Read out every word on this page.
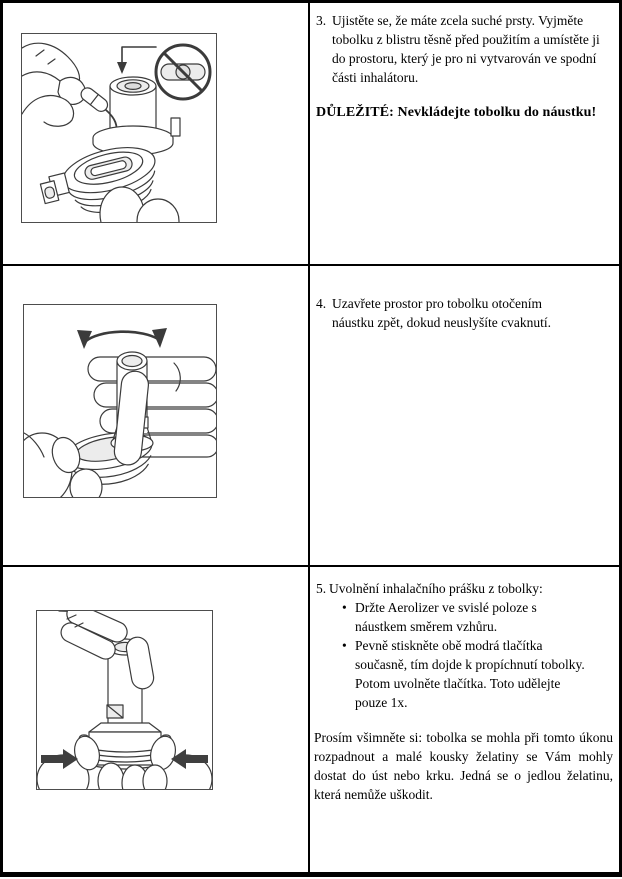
3. Ujistěte se, že máte zcela suché prsty. Vyjměte tobolku z blistru těsně před použitím a umístěte ji do prostoru, který je pro ni vytvarován ve spodní části inhalátoru.

DŮLEŽITÉ: Nevkládejte tobolku do náustku!

4. Uzavřete prostor pro tobolku otočením náustku zpět, dokud neuslyšíte cvaknutí.
5. Uvolnění inhalačního prášku z tobolky:
• Držte Aerolizer ve svislé poloze s náustkem směrem vzhůru.
• Pevně stiskněte obě modrá tlačítka současně, tím dojde k propíchnutí tobolky. Potom uvolněte tlačítka. Toto udělejte pouze 1x.

Prosím všimněte si: tobolka se mohla při tomto úkonu rozpadnout a malé kousky želatiny se Vám mohly dostat do úst nebo krku. Jedná se o jedlou želatinu, která nemůže uškodit.
